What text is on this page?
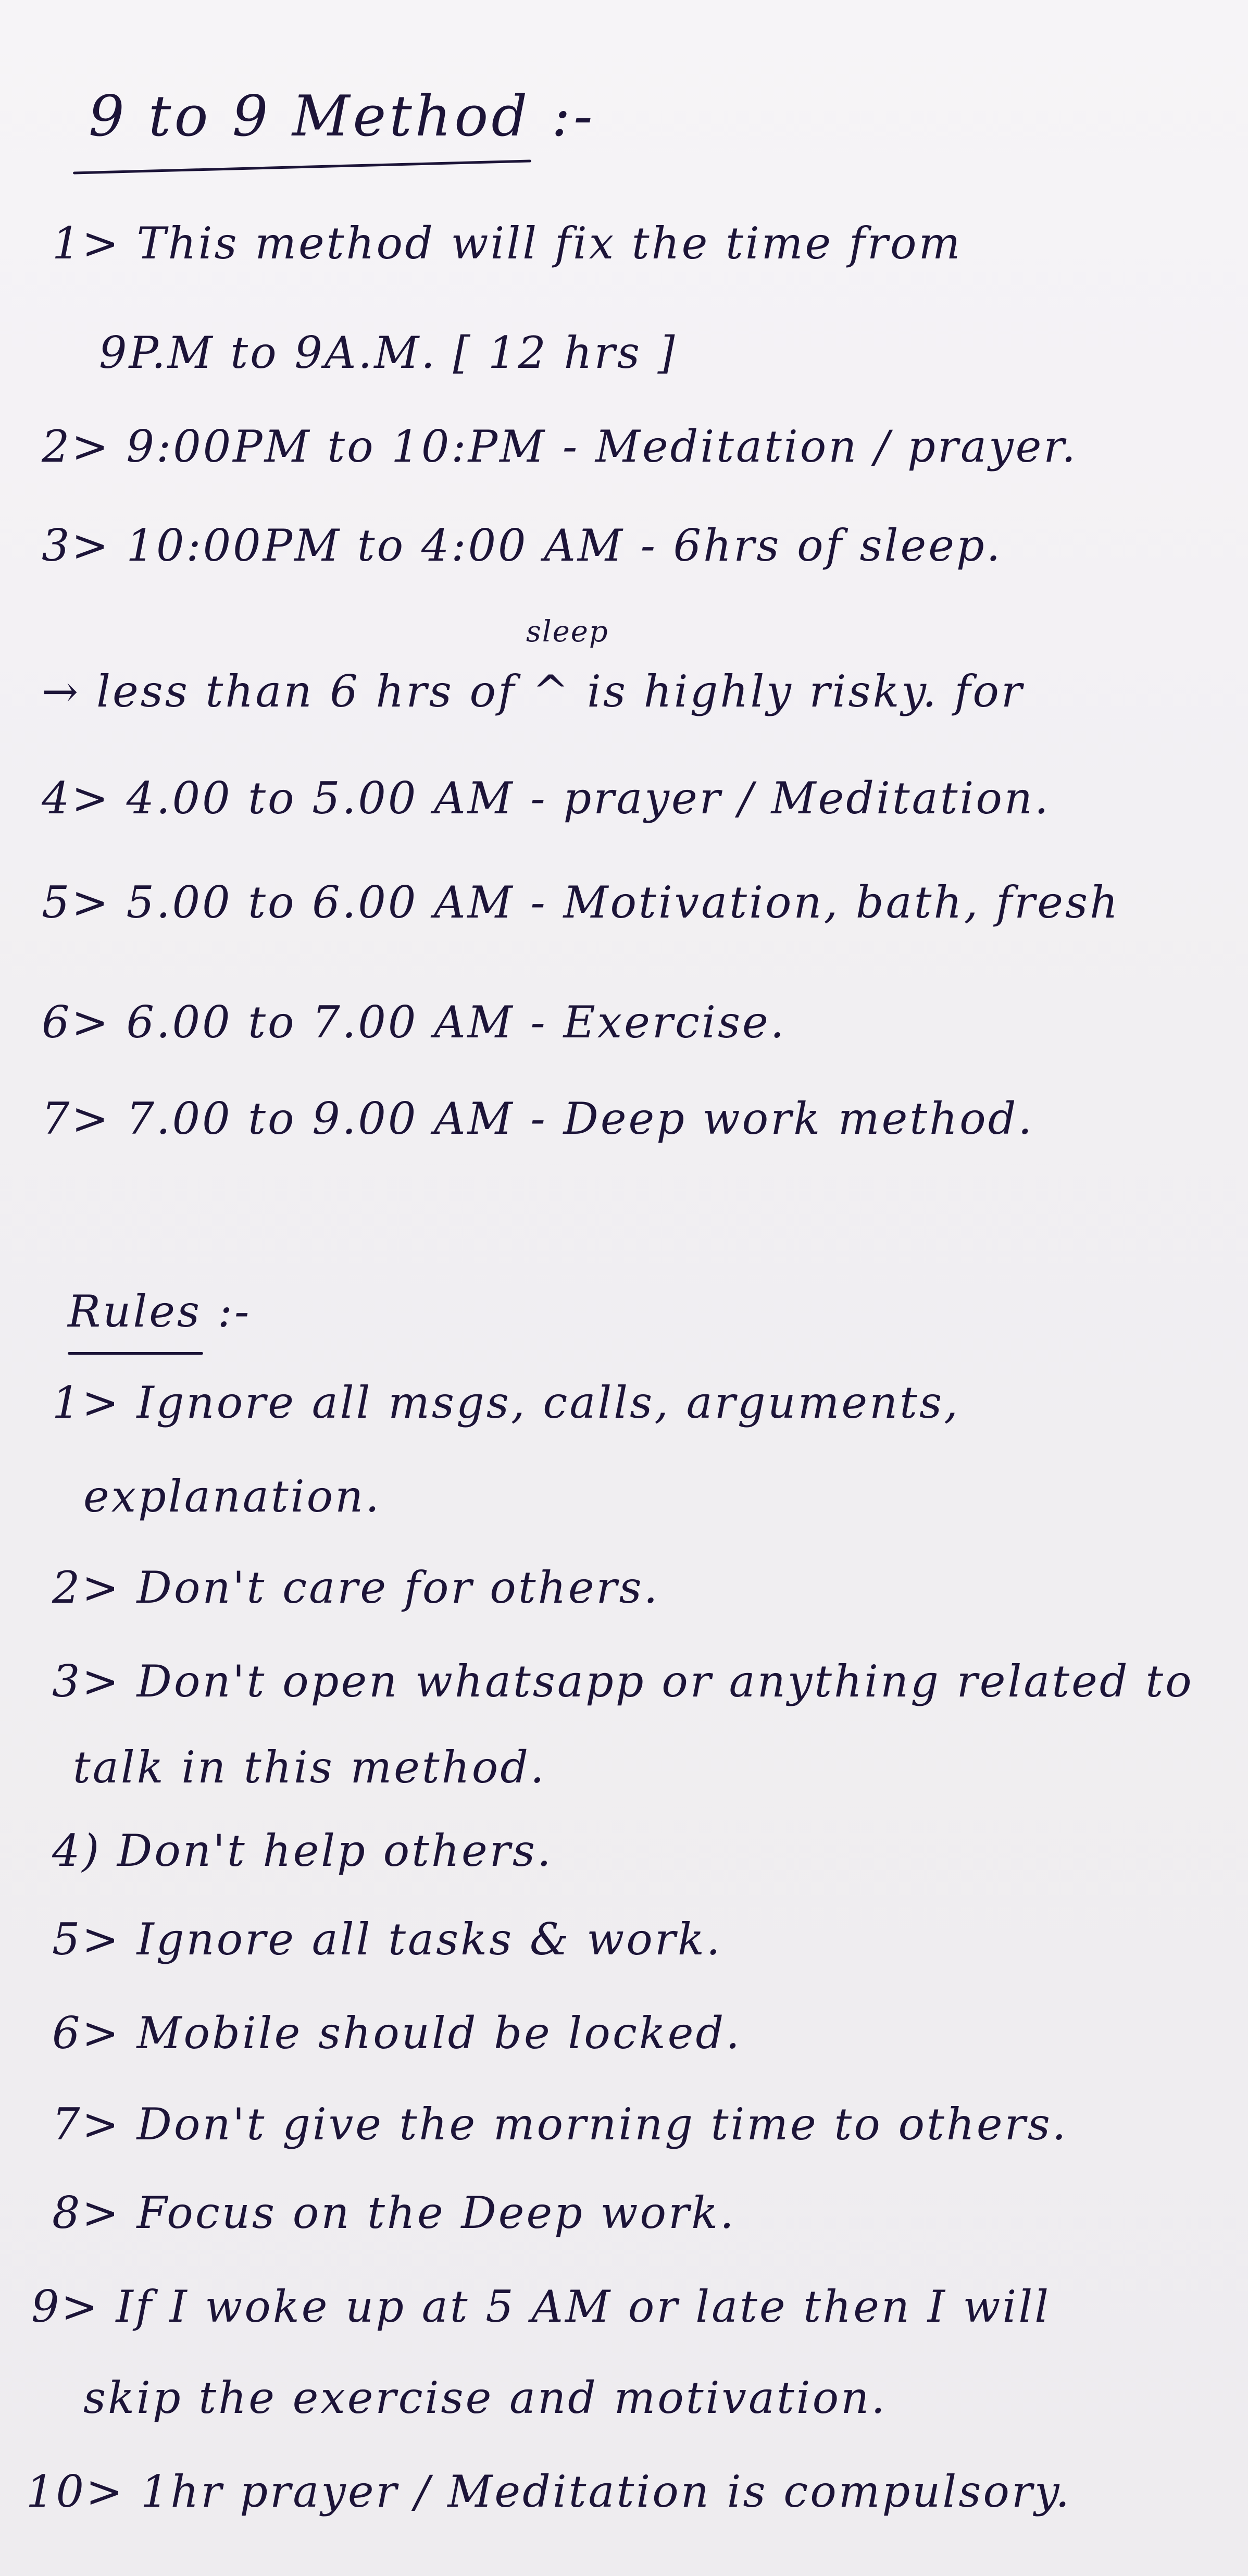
9 to 9 Method :-
1> This method will fix the time from
9P.M to 9A.M. [ 12 hrs ]
2> 9:00PM to 10:PM - Meditation / prayer.
3> 10:00PM to 4:00 AM - 6hrs of sleep.
sleep
→ less than 6 hrs of ^ is highly risky. for
4> 4.00 to 5.00 AM - prayer / Meditation.
5> 5.00 to 6.00 AM - Motivation, bath, fresh
6> 6.00 to 7.00 AM - Exercise.
7> 7.00 to 9.00 AM - Deep work method.
Rules :-
1> Ignore all msgs, calls, arguments,
explanation.
2> Don't care for others.
3> Don't open whatsapp or anything related to
talk in this method.
4) Don't help others.
5> Ignore all tasks & work.
6> Mobile should be locked.
7> Don't give the morning time to others.
8> Focus on the Deep work.
9> If I woke up at 5 AM or late then I will
skip the exercise and motivation.
10> 1hr prayer / Meditation is compulsory.
